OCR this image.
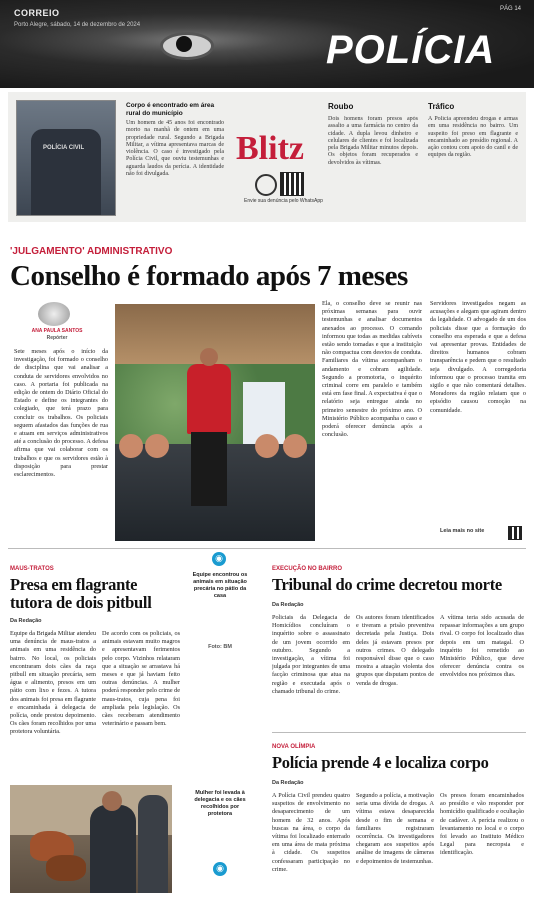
CORREIO
Porto Alegre, sábado, 14 de dezembro de 2024
PÁG 14
POLÍCIA
POLÍCIA CIVIL
Corpo é encontrado em área rural do município
Um homem de 45 anos foi encontrado morto na manhã de ontem em uma propriedade rural. Segundo a Brigada Militar, a vítima apresentava marcas de violência. O caso é investigado pela Polícia Civil, que ouviu testemunhas e aguarda laudos da perícia. A identidade não foi divulgada.
Blitz
Envie sua denúncia pelo WhatsApp
Roubo
Dois homens foram presos após assalto a uma farmácia no centro da cidade. A dupla levou dinheiro e celulares de clientes e foi localizada pela Brigada Militar minutos depois. Os objetos foram recuperados e devolvidos às vítimas.
Tráfico
A Polícia apreendeu drogas e armas em uma residência no bairro. Um suspeito foi preso em flagrante e encaminhado ao presídio regional. A ação contou com apoio do canil e de equipes da região.
'JULGAMENTO' ADMINISTRATIVO
Conselho é formado após 7 meses
ANA PAULA SANTOS
Repórter
Sete meses após o início da investigação, foi formado o conselho de disciplina que vai analisar a conduta de servidores envolvidos no caso. A portaria foi publicada na edição de ontem do Diário Oficial do Estado e define os integrantes do colegiado, que terá prazo para concluir os trabalhos. Os policiais seguem afastados das funções de rua e atuam em serviços administrativos até a conclusão do processo. A defesa afirma que vai colaborar com os trabalhos e que os servidores estão à disposição para prestar esclarecimentos.
Ela, o conselho deve se reunir nas próximas semanas para ouvir testemunhas e analisar documentos anexados ao processo. O comando informou que todas as medidas cabíveis estão sendo tomadas e que a instituição não compactua com desvios de conduta. Familiares da vítima acompanham o andamento e cobram agilidade. Segundo a promotoria, o inquérito criminal corre em paralelo e também está em fase final. A expectativa é que o relatório seja entregue ainda no primeiro semestre do próximo ano. O Ministério Público acompanha o caso e poderá oferecer denúncia após a conclusão.
Servidores investigados negam as acusações e alegam que agiram dentro da legalidade. O advogado de um dos policiais disse que a formação do conselho era esperada e que a defesa vai apresentar provas. Entidades de direitos humanos cobram transparência e pedem que o resultado seja divulgado. A corregedoria informou que o processo tramita em sigilo e que não comentará detalhes. Moradores da região relatam que o episódio causou comoção na comunidade.
Leia mais no site
MAUS-TRATOS
Presa em flagrante
tutora de dois pitbull
Da Redação
Equipe da Brigada Militar atendeu uma denúncia de maus-tratos a animais em uma residência do bairro. No local, os policiais encontraram dois cães da raça pitbull em situação precária, sem água e alimento, presos em um pátio com lixo e fezes. A tutora dos animais foi presa em flagrante e encaminhada à delegacia de polícia, onde prestou depoimento. Os cães foram recolhidos por uma protetora voluntária.
De acordo com os policiais, os animais estavam muito magros e apresentavam ferimentos pelo corpo. Vizinhos relataram que a situação se arrastava há meses e que já haviam feito outras denúncias. A mulher poderá responder pelo crime de maus-tratos, cuja pena foi ampliada pela legislação. Os cães receberam atendimento veterinário e passam bem.
◉
Equipe encontrou os animais em situação precária no pátio da casa
Foto: BM
Mulher foi levada à delegacia e os cães recolhidos por protetora
◉
EXECUÇÃO NO BAIRRO
Tribunal do crime decretou morte
Da Redação
Policiais da Delegacia de Homicídios concluíram o inquérito sobre o assassinato de um jovem ocorrido em outubro. Segundo a investigação, a vítima foi julgada por integrantes de uma facção criminosa que atua na região e executada após o chamado tribunal do crime.
Os autores foram identificados e tiveram a prisão preventiva decretada pela Justiça. Dois deles já estavam presos por outros crimes. O delegado responsável disse que o caso mostra a atuação violenta dos grupos que disputam pontos de venda de drogas.
A vítima teria sido acusada de repassar informações a um grupo rival. O corpo foi localizado dias depois em um matagal. O inquérito foi remetido ao Ministério Público, que deve oferecer denúncia contra os envolvidos nos próximos dias.
NOVA OLÍMPIA
Polícia prende 4 e localiza corpo
Da Redação
A Polícia Civil prendeu quatro suspeitos de envolvimento no desaparecimento de um homem de 32 anos. Após buscas na área, o corpo da vítima foi localizado enterrado em uma área de mata próxima à cidade. Os suspeitos confessaram participação no crime.
Segundo a polícia, a motivação seria uma dívida de drogas. A vítima estava desaparecida desde o fim de semana e familiares registraram ocorrência. Os investigadores chegaram aos suspeitos após análise de imagens de câmeras e depoimentos de testemunhas.
Os presos foram encaminhados ao presídio e vão responder por homicídio qualificado e ocultação de cadáver. A perícia realizou o levantamento no local e o corpo foi levado ao Instituto Médico Legal para necropsia e identificação.
